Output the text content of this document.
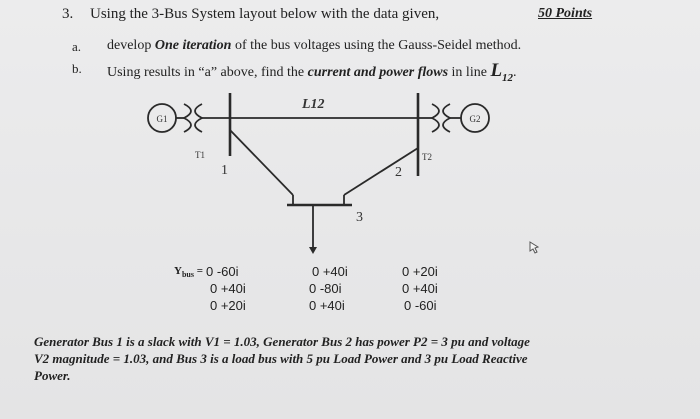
3. Using the 3-Bus System layout below with the data given,	50 Points
a. develop One iteration of the bus voltages using the Gauss-Seidel method.
b. Using results in “a” above, find the current and power flows in line $L_{12}$.
G1	G2
T1	T2
1	2
3
L12
$Y_{bus} = 0$ -60i	0 +40i	0 +20i
0 +40i	0 -80i	0 +40i
0 +20i	0 +40i	0 -60i
Generator Bus 1 is a slack with V1 = 1.03, Generator Bus 2 has power P2 = 3 pu and voltage
V2 magnitude = 1.03, and Bus 3 is a load bus with 5 pu Load Power and 3 pu Load Reactive
Power.
